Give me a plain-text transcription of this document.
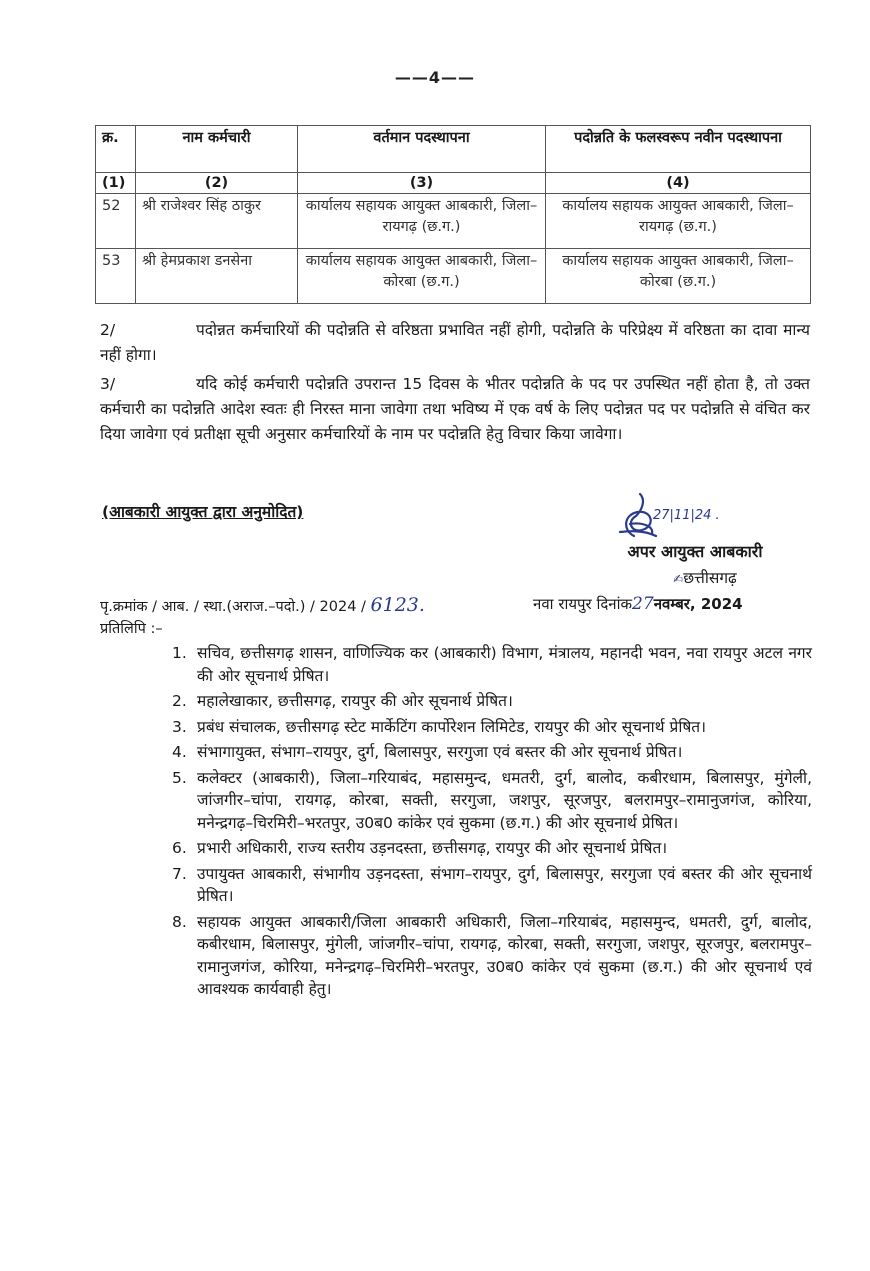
——4——
क्र.	नाम कर्मचारी	वर्तमान पदस्थापना	पदोन्नति के फलस्वरूप नवीन पदस्थापना
(1)	(2)	(3)	(4)
52	श्री राजेश्वर सिंह ठाकुर	कार्यालय सहायक आयुक्त आबकारी, जिला–रायगढ़ (छ.ग.)	कार्यालय सहायक आयुक्त आबकारी, जिला–रायगढ़ (छ.ग.)
53	श्री हेमप्रकाश डनसेना	कार्यालय सहायक आयुक्त आबकारी, जिला–कोरबा (छ.ग.)	कार्यालय सहायक आयुक्त आबकारी, जिला–कोरबा (छ.ग.)
2/	पदोन्नत कर्मचारियों की पदोन्नति से वरिष्ठता प्रभावित नहीं होगी, पदोन्नति के परिप्रेक्ष्य में वरिष्ठता का दावा मान्य नहीं होगा।
3/	यदि कोई कर्मचारी पदोन्नति उपरान्त 15 दिवस के भीतर पदोन्नति के पद पर उपस्थित नहीं होता है, तो उक्त कर्मचारी का पदोन्नति आदेश स्वतः ही निरस्त माना जावेगा तथा भविष्य में एक वर्ष के लिए पदोन्नत पद पर पदोन्नति से वंचित कर दिया जावेगा एवं प्रतीक्षा सूची अनुसार कर्मचारियों के नाम पर पदोन्नति हेतु विचार किया जावेगा।
(आबकारी आयुक्त द्वारा अनुमोदित)	27|11|24 .
अपर आयुक्त आबकारी
✍छत्तीसगढ़
पृ.क्रमांक / आब. / स्था.(अराज.–पदो.) / 2024 / 6123.	नवा रायपुर दिनांक27नवम्बर, 2024
प्रतिलिपि :–
1. सचिव, छत्तीसगढ़ शासन, वाणिज्यिक कर (आबकारी) विभाग, मंत्रालय, महानदी भवन, नवा रायपुर अटल नगर की ओर सूचनार्थ प्रेषित।
2. महालेखाकार, छत्तीसगढ़, रायपुर की ओर सूचनार्थ प्रेषित।
3. प्रबंध संचालक, छत्तीसगढ़ स्टेट मार्केटिंग कार्पोरेशन लिमिटेड, रायपुर की ओर सूचनार्थ प्रेषित।
4. संभागायुक्त, संभाग–रायपुर, दुर्ग, बिलासपुर, सरगुजा एवं बस्तर की ओर सूचनार्थ प्रेषित।
5. कलेक्टर (आबकारी), जिला–गरियाबंद, महासमुन्द, धमतरी, दुर्ग, बालोद, कबीरधाम, बिलासपुर, मुंगेली, जांजगीर–चांपा, रायगढ़, कोरबा, सक्ती, सरगुजा, जशपुर, सूरजपुर, बलरामपुर–रामानुजगंज, कोरिया, मनेन्द्रगढ़–चिरमिरी–भरतपुर, उ0ब0 कांकेर एवं सुकमा (छ.ग.) की ओर सूचनार्थ प्रेषित।
6. प्रभारी अधिकारी, राज्य स्तरीय उड़नदस्ता, छत्तीसगढ़, रायपुर की ओर सूचनार्थ प्रेषित।
7. उपायुक्त आबकारी, संभागीय उड़नदस्ता, संभाग–रायपुर, दुर्ग, बिलासपुर, सरगुजा एवं बस्तर की ओर सूचनार्थ प्रेषित।
8. सहायक आयुक्त आबकारी/जिला आबकारी अधिकारी, जिला–गरियाबंद, महासमुन्द, धमतरी, दुर्ग, बालोद, कबीरधाम, बिलासपुर, मुंगेली, जांजगीर–चांपा, रायगढ़, कोरबा, सक्ती, सरगुजा, जशपुर, सूरजपुर, बलरामपुर–रामानुजगंज, कोरिया, मनेन्द्रगढ़–चिरमिरी–भरतपुर, उ0ब0 कांकेर एवं सुकमा (छ.ग.) की ओर सूचनार्थ एवं आवश्यक कार्यवाही हेतु।
